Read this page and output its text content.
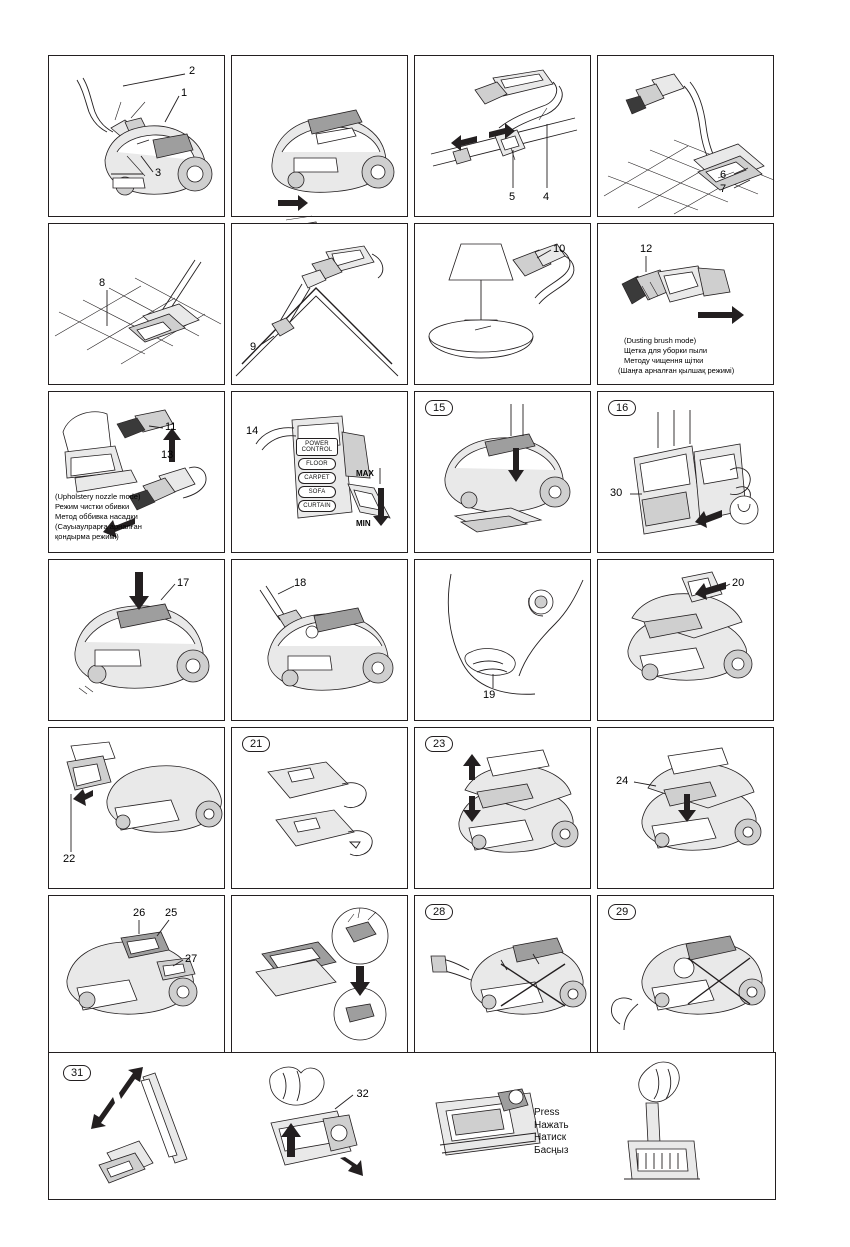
2
1
3
5	4
6
7
8
9
10	12
(Dusting brush mode)
Щетка для уборки пыли
Методу чищення щітки
(Шаңға арналған қылшақ режимі)
11
13
(Upholstery nozzle mode)
Режим чистки обивки
Метод оббивка насадки
(Сауыаулрарға арналған
қондырма режимі)
POWER
CONTROL
FLOOR
CARPET
SOFA
CURTAIN
14
MAX
MIN
15	16
30
17	18
19
20
22
21	23
24
26 25
27
28	29
31
32
Press
Нажать
Натиск
Басңыз
